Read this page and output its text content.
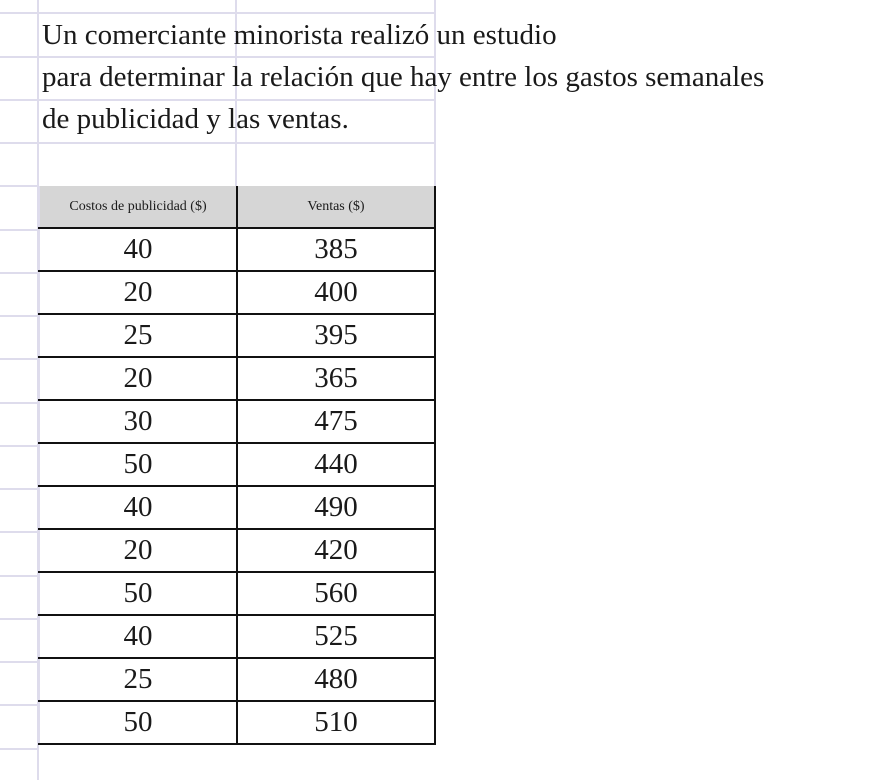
Un comerciante minorista realizó un estudio
para determinar la relación que hay entre los gastos semanales
de publicidad y las ventas.

Costos de publicidad ($)	Ventas ($)
40	385
20	400
25	395
20	365
30	475
50	440
40	490
20	420
50	560
40	525
25	480
50	510
